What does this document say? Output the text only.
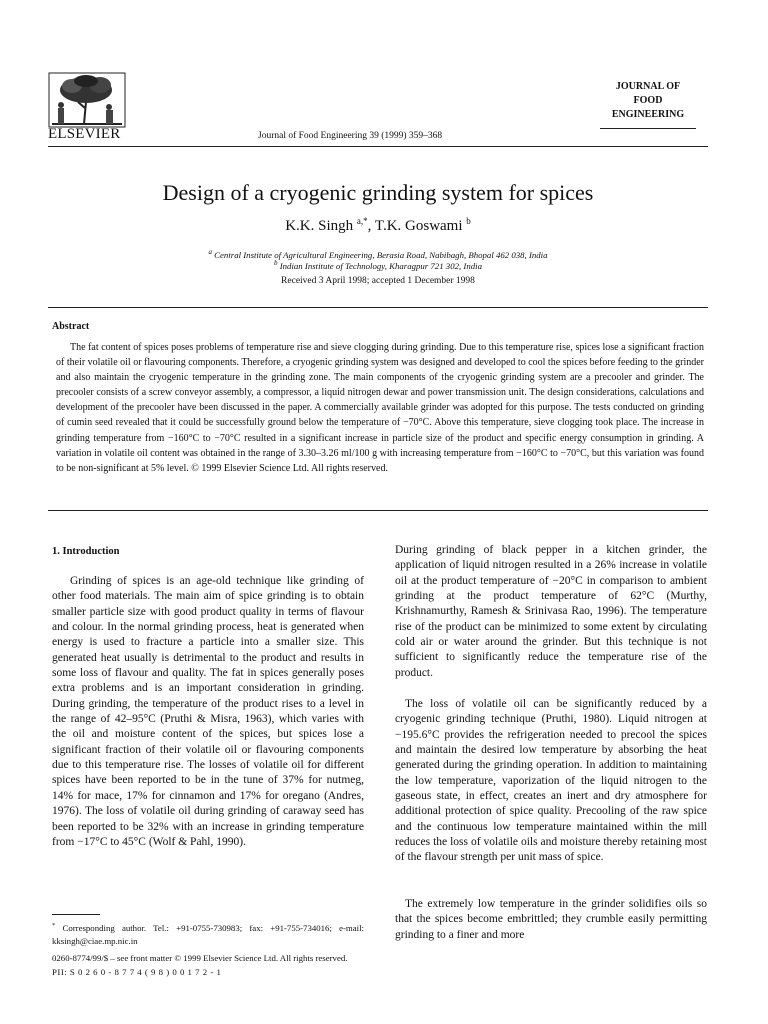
ELSEVIER	Journal of Food Engineering 39 (1999) 359–368
JOURNAL OF
FOOD
ENGINEERING
Design of a cryogenic grinding system for spices
K.K. Singh $^{a,*}$, T.K. Goswami $^b$
$^a$ Central Institute of Agricultural Engineering, Berasia Road, Nabibagh, Bhopal 462 038, India
$^b$ Indian Institute of Technology, Kharagpur 721 302, India
Received 3 April 1998; accepted 1 December 1998
Abstract

The fat content of spices poses problems of temperature rise and sieve clogging during grinding. Due to this temperature rise, spices lose a significant fraction of their volatile oil or flavouring components. Therefore, a cryogenic grinding system was designed and developed to cool the spices before feeding to the grinder and also maintain the cryogenic temperature in the grinding zone. The main components of the cryogenic grinding system are a precooler and grinder. The precooler consists of a screw conveyor assembly, a compressor, a liquid nitrogen dewar and power transmission unit. The design considerations, calculations and development of the precooler have been discussed in the paper. A commercially available grinder was adopted for this purpose. The tests conducted on grinding of cumin seed revealed that it could be successfully ground below the temperature of −70°C. Above this temperature, sieve clogging took place. The increase in grinding temperature from −160°C to −70°C resulted in a significant increase in particle size of the product and specific energy consumption in grinding. A variation in volatile oil content was obtained in the range of 3.30–3.26 ml/100 g with increasing temperature from −160°C to −70°C, but this variation was found to be non-significant at 5% level. © 1999 Elsevier Science Ltd. All rights reserved.

1. Introduction

Grinding of spices is an age-old technique like grinding of other food materials. The main aim of spice grinding is to obtain smaller particle size with good product quality in terms of flavour and colour. In the normal grinding process, heat is generated when energy is used to fracture a particle into a smaller size. This generated heat usually is detrimental to the product and results in some loss of flavour and quality. The fat in spices generally poses extra problems and is an important consideration in grinding. During grinding, the temperature of the product rises to a level in the range of 42–95°C (Pruthi & Misra, 1963), which varies with the oil and moisture content of the spices, but spices lose a significant fraction of their volatile oil or flavouring components due to this temperature rise. The losses of volatile oil for different spices have been reported to be in the tune of 37% for nutmeg, 14% for mace, 17% for cinnamon and 17% for oregano (Andres, 1976). The loss of volatile oil during grinding of caraway seed has been reported to be 32% with an increase in grinding temperature from −17°C to 45°C (Wolf & Pahl, 1990).

During grinding of black pepper in a kitchen grinder, the application of liquid nitrogen resulted in a 26% increase in volatile oil at the product temperature of −20°C in comparison to ambient grinding at the product temperature of 62°C (Murthy, Krishnamurthy, Ramesh & Srinivasa Rao, 1996). The temperature rise of the product can be minimized to some extent by circulating cold air or water around the grinder. But this technique is not sufficient to significantly reduce the temperature rise of the product.

The loss of volatile oil can be significantly reduced by a cryogenic grinding technique (Pruthi, 1980). Liquid nitrogen at −195.6°C provides the refrigeration needed to precool the spices and maintain the desired low temperature by absorbing the heat generated during the grinding operation. In addition to maintaining the low temperature, vaporization of the liquid nitrogen to the gaseous state, in effect, creates an inert and dry atmosphere for additional protection of spice quality. Precooling of the raw spice and the continuous low temperature maintained within the mill reduces the loss of volatile oils and moisture thereby retaining most of the flavour strength per unit mass of spice.

The extremely low temperature in the grinder solidifies oils so that the spices become embrittled; they crumble easily permitting grinding to a finer and more

* Corresponding author. Tel.: +91-0755-730983; fax: +91-755-734016; e-mail: kksingh@ciae.mp.nic.in

0260-8774/99/$ – see front matter © 1999 Elsevier Science Ltd. All rights reserved.
PII: S 0 2 6 0 - 8 7 7 4 ( 9 8 ) 0 0 1 7 2 - 1
